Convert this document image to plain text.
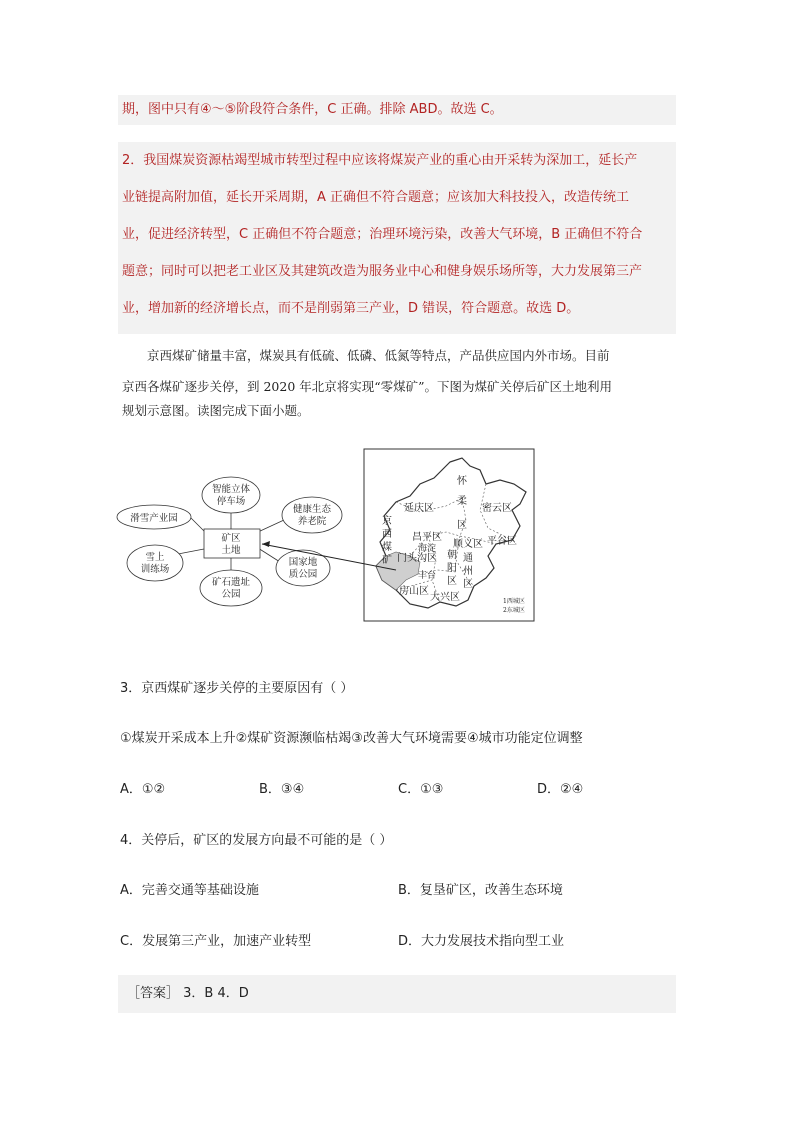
期，图中只有④～⑤阶段符合条件，C 正确。排除 ABD。故选 C。
2．我国煤炭资源枯竭型城市转型过程中应该将煤炭产业的重心由开采转为深加工，延长产
业链提高附加值，延长开采周期，A 正确但不符合题意；应该加大科技投入，改造传统工
业，促进经济转型，C 正确但不符合题意；治理环境污染，改善大气环境，B 正确但不符合
题意；同时可以把老工业区及其建筑改造为服务业中心和健身娱乐场所等，大力发展第三产
业，增加新的经济增长点，而不是削弱第三产业，D 错误，符合题意。故选 D。
京西煤矿储量丰富，煤炭具有低硫、低磷、低氮等特点，产品供应国内外市场。目前
京西各煤矿逐步关停，到 2020 年北京将实现“零煤矿”。下图为煤矿关停后矿区土地利用
规划示意图。读图完成下面小题。
矿区
土地
智能立体
停车场
滑雪产业园
雪上
训练场
矿石遗址
公园
国家地
质公园
健康生态
养老院
怀
柔
区
延庆区	密云区
昌平区
顺义区 平谷区
门头沟区
海淀
朝
阳
区
丰台
通
州
区
房山区
大兴区
京
西
煤
矿
1西城区
2东城区
3．京西煤矿逐步关停的主要原因有（ ）
①煤炭开采成本上升②煤矿资源濒临枯竭③改善大气环境需要④城市功能定位调整
A．①②	B．③④	C．①③	D．②④
4．关停后，矿区的发展方向最不可能的是（ ）
A．完善交通等基础设施	B．复垦矿区，改善生态环境
C．发展第三产业，加速产业转型	D．大力发展技术指向型工业
［答案］ 3．B 4．D
